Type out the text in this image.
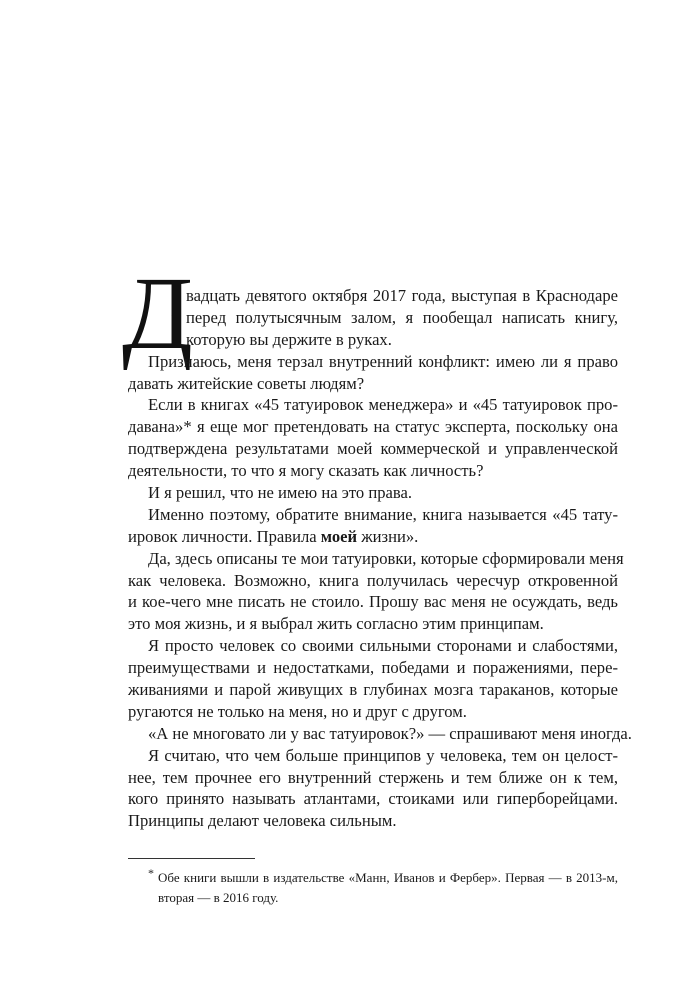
Д
вадцать девятого октября 2017 года, выступая в Краснодаре
перед полутысячным залом, я пообещал написать книгу,
которую вы держите в руках.
Признаюсь, меня терзал внутренний конфликт: имею ли я право
давать житейские советы людям?
Если в книгах «45 татуировок менеджера» и «45 татуировок про-
давана»* я еще мог претендовать на статус эксперта, поскольку она
подтверждена результатами моей коммерческой и управленческой
деятельности, то что я могу сказать как личность?
И я решил, что не имею на это права.
Именно поэтому, обратите внимание, книга называется «45 тату-
ировок личности. Правила моей жизни».
Да, здесь описаны те мои татуировки, которые сформировали меня
как человека. Возможно, книга получилась чересчур откровенной
и кое-чего мне писать не стоило. Прошу вас меня не осуждать, ведь
это моя жизнь, и я выбрал жить согласно этим принципам.
Я просто человек со своими сильными сторонами и слабостями,
преимуществами и недостатками, победами и поражениями, пере-
живаниями и парой живущих в глубинах мозга тараканов, которые
ругаются не только на меня, но и друг с другом.
«А не многовато ли у вас татуировок?» — спрашивают меня иногда.
Я считаю, что чем больше принципов у человека, тем он целост-
нее, тем прочнее его внутренний стержень и тем ближе он к тем,
кого принято называть атлантами, стоиками или гиперборейцами.
Принципы делают человека сильным.
* Обе книги вышли в издательстве «Манн, Иванов и Фербер». Первая — в 2013-м,
вторая — в 2016 году.
